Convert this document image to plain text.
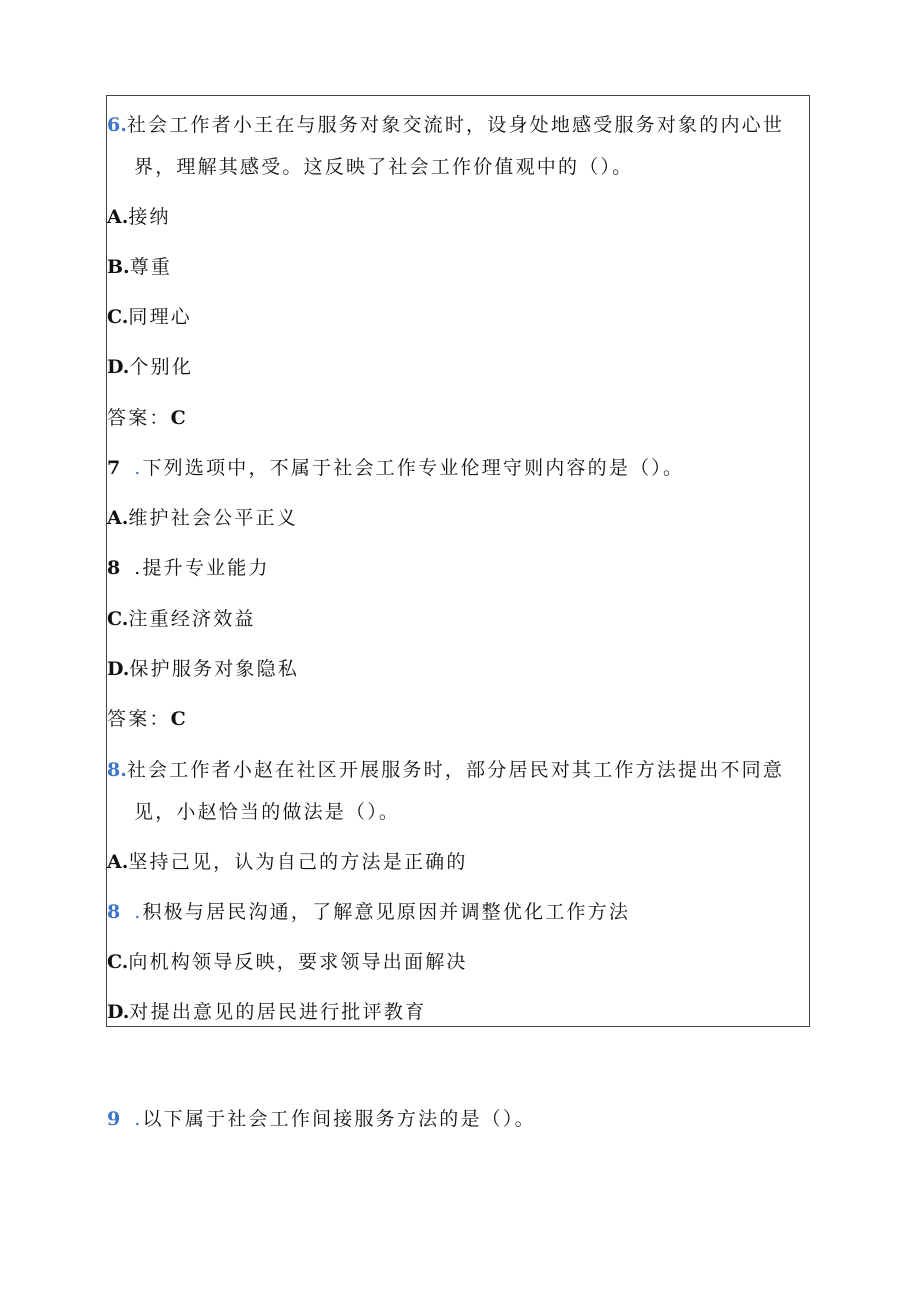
6.社会工作者小王在与服务对象交流时，设身处地感受服务对象的内心世
界，理解其感受。这反映了社会工作价值观中的（）。
A.接纳
B.尊重
C.同理心
D.个别化
答案：C
7 .下列选项中，不属于社会工作专业伦理守则内容的是（）。
A.维护社会公平正义
8 .提升专业能力
C.注重经济效益
D.保护服务对象隐私
答案：C
8.社会工作者小赵在社区开展服务时，部分居民对其工作方法提出不同意
见，小赵恰当的做法是（）。
A.坚持己见，认为自己的方法是正确的
8 .积极与居民沟通，了解意见原因并调整优化工作方法
C.向机构领导反映，要求领导出面解决
D.对提出意见的居民进行批评教育
9 .以下属于社会工作间接服务方法的是（）。
